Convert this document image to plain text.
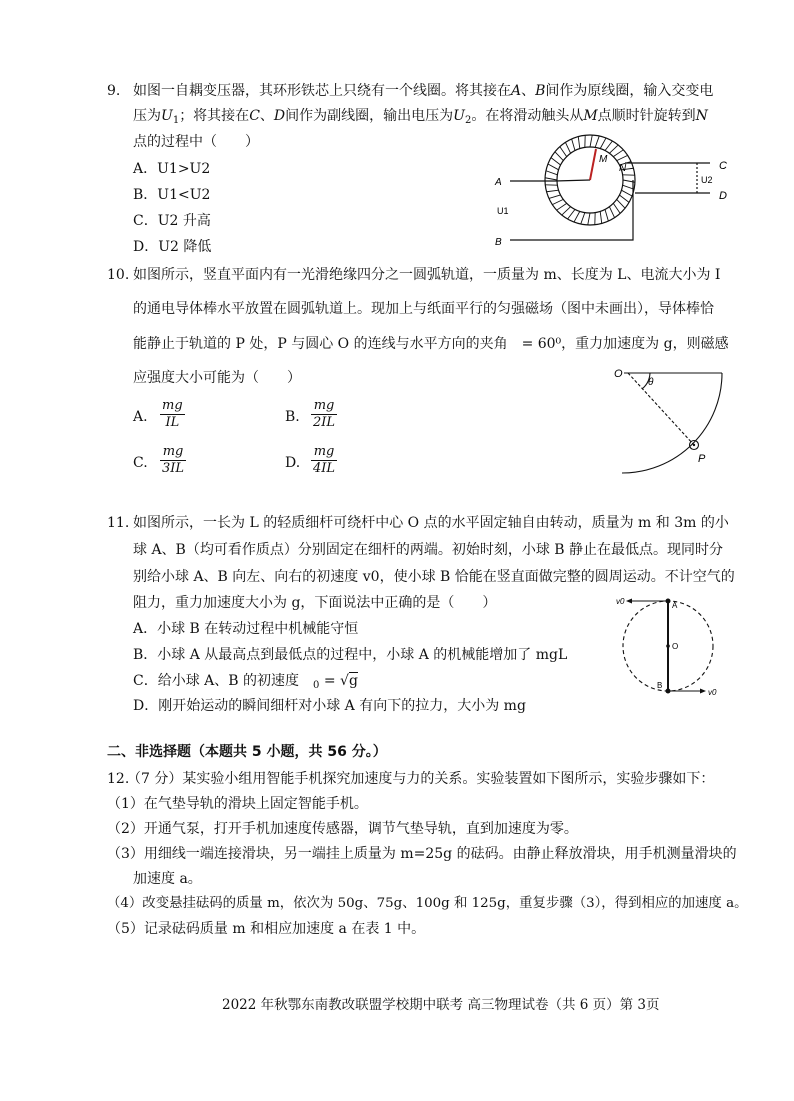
9. 如图一自耦变压器，其环形铁芯上只绕有一个线圈。将其接在A、B间作为原线圈，输入交变电
压为$U_1$；将其接在C、D间作为副线圈，输出电压为$U_2$。在将滑动触头从M点顺时针旋转到N
点的过程中（　　）
A．U1>U2
B．U1<U2
C．U2 升高
D．U2 降低
A
B
U1
C
D
U2
M
N
10. 如图所示，竖直平面内有一光滑绝缘四分之一圆弧轨道，一质量为 m、长度为 L、电流大小为 I
的通电导体棒水平放置在圆弧轨道上。现加上与纸面平行的匀强磁场（图中未画出），导体棒恰
能静止于轨道的 P 处，P 与圆心 O 的连线与水平方向的夹角　= 60⁰，重力加速度为 g，则磁感
应强度大小可能为（　　）
A. $\frac{mg}{IL}$	B. $\frac{mg}{2IL}$
C. $\frac{mg}{3IL}$	D. $\frac{mg}{4IL}$
O
θ
P
11. 如图所示，一长为 L 的轻质细杆可绕杆中心 O 点的水平固定轴自由转动，质量为 m 和 3m 的小
球 A、B（均可看作质点）分别固定在细杆的两端。初始时刻，小球 B 静止在最低点。现同时分
别给小球 A、B 向左、向右的初速度 v0，使小球 B 恰能在竖直面做完整的圆周运动。不计空气的
阻力，重力加速度大小为 g，下面说法中正确的是（　　）
A．小球 B 在转动过程中机械能守恒
B．小球 A 从最高点到最低点的过程中，小球 A 的机械能增加了 mgL
C．给小球 A、B 的初速度  $_0$ = √g
D．刚开始运动的瞬间细杆对小球 A 有向下的拉力，大小为 mg
v0	A
O
B
v0
二、非选择题（本题共 5 小题，共 56 分。）
12.
（7 分）某实验小组用智能手机探究加速度与力的关系。实验装置如下图所示，实验步骤如下：
（1）在气垫导轨的滑块上固定智能手机。
（2）开通气泵，打开手机加速度传感器，调节气垫导轨，直到加速度为零。
（3）用细线一端连接滑块，另一端挂上质量为 m=25g 的砝码。由静止释放滑块，用手机测量滑块的
加速度 a。
（4）改变悬挂砝码的质量 m，依次为 50g、75g、100g 和 125g，重复步骤（3），得到相应的加速度 a。
（5）记录砝码质量 m 和相应加速度 a 在表 1 中。
2022 年秋鄂东南教改联盟学校期中联考 高三物理试卷（共 6 页）第 3页
